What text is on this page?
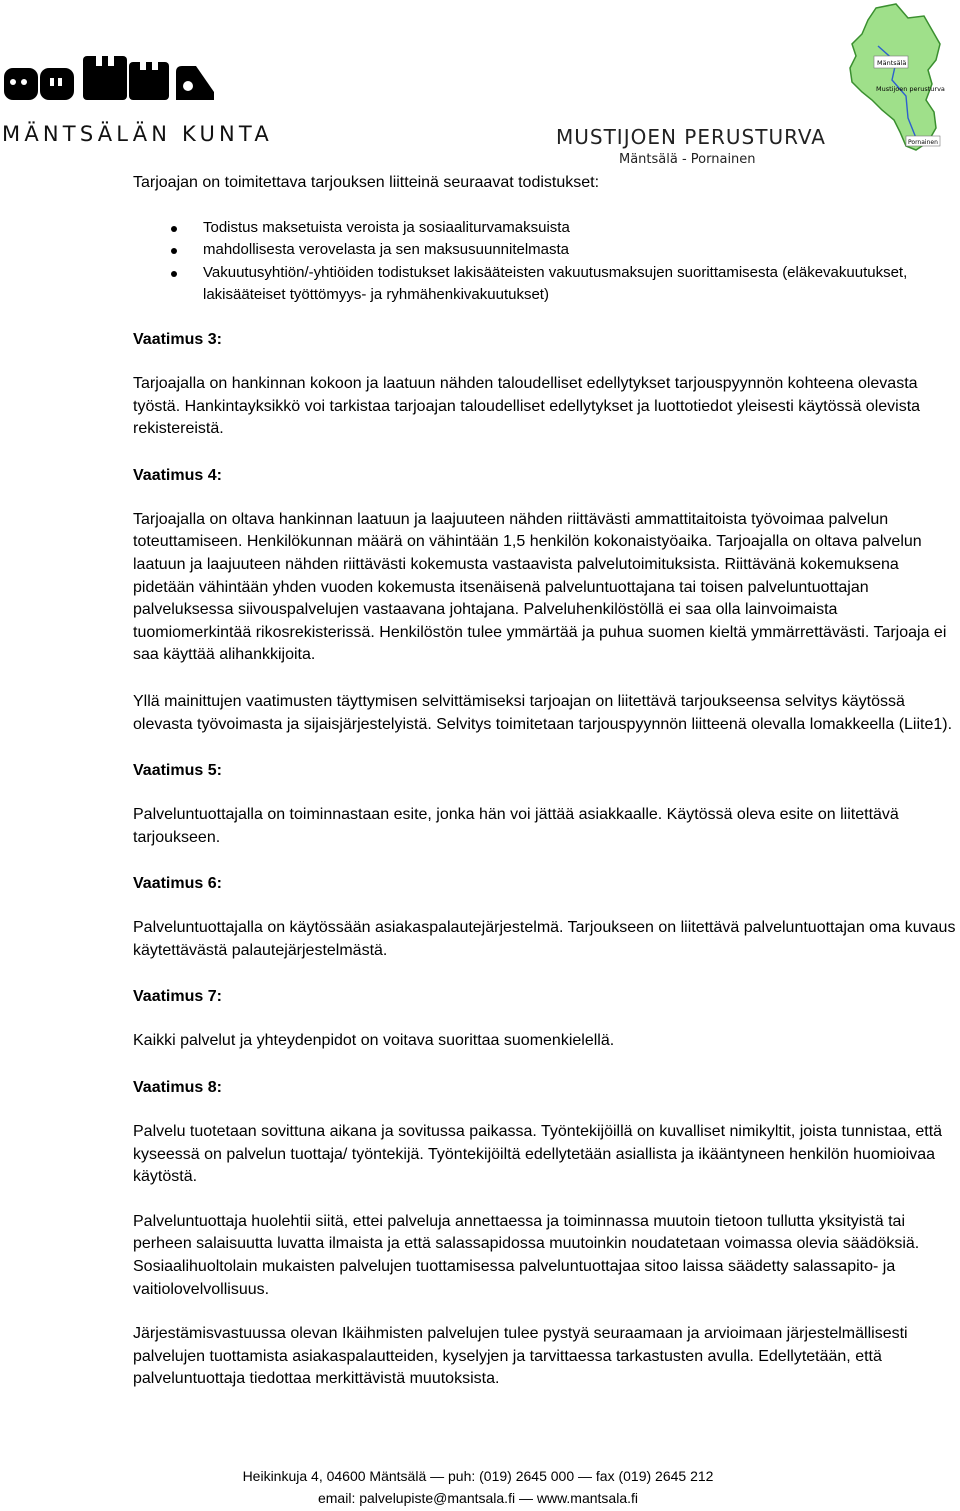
MÄNTSÄLÄN KUNTA	MUSTIJOEN PERUSTURVA
Mäntsälä - Pornainen
Mäntsälä
Mustijoen perusturva
Pornainen

Tarjoajan on toimitettava tarjouksen liitteinä seuraavat todistukset:

Todistus maksetuista veroista ja sosiaaliturvamaksuista
mahdollisesta verovelasta ja sen maksusuunnitelmasta
Vakuutusyhtiön/-yhtiöiden todistukset lakisääteisten vakuutusmaksujen suorittamisesta (eläkevakuutukset, lakisääteiset työttömyys- ja ryhmähenkivakuutukset)
Vaatimus 3:

Tarjoajalla on hankinnan kokoon ja laatuun nähden taloudelliset edellytykset tarjouspyynnön kohteena olevasta työstä. Hankintayksikkö voi tarkistaa tarjoajan taloudelliset edellytykset ja luottotiedot yleisesti käytössä olevista rekistereistä.

Vaatimus 4:

Tarjoajalla on oltava hankinnan laatuun ja laajuuteen nähden riittävästi ammattitaitoista työvoimaa palvelun toteuttamiseen. Henkilökunnan määrä on vähintään 1,5 henkilön kokonaistyöaika. Tarjoajalla on oltava palvelun laatuun ja laajuuteen nähden riittävästi kokemusta vastaavista palvelutoimituksista. Riittävänä kokemuksena pidetään vähintään yhden vuoden kokemusta itsenäisenä palveluntuottajana tai toisen palveluntuottajan palveluksessa siivouspalvelujen vastaavana johtajana. Palveluhenkilöstöllä ei saa olla lainvoimaista tuomiomerkintää rikosrekisterissä. Henkilöstön tulee ymmärtää ja puhua suomen kieltä ymmärrettävästi. Tarjoaja ei saa käyttää alihankkijoita.

Yllä mainittujen vaatimusten täyttymisen selvittämiseksi tarjoajan on liitettävä tarjoukseensa selvitys käytössä olevasta työvoimasta ja sijaisjärjestelyistä. Selvitys toimitetaan tarjouspyynnön liitteenä olevalla lomakkeella (Liite1).

Vaatimus 5:

Palveluntuottajalla on toiminnastaan esite, jonka hän voi jättää asiakkaalle. Käytössä oleva esite on liitettävä tarjoukseen.

Vaatimus 6:

Palveluntuottajalla on käytössään asiakaspalautejärjestelmä. Tarjoukseen on liitettävä palveluntuottajan oma kuvaus käytettävästä palautejärjestelmästä.

Vaatimus 7:

Kaikki palvelut ja yhteydenpidot on voitava suorittaa suomenkielellä.

Vaatimus 8:

Palvelu tuotetaan sovittuna aikana ja sovitussa paikassa. Työntekijöillä on kuvalliset nimikyltit, joista tunnistaa, että kyseessä on palvelun tuottaja/ työntekijä. Työntekijöiltä edellytetään asiallista ja ikääntyneen henkilön huomioivaa käytöstä.

Palveluntuottaja huolehtii siitä, ettei palveluja annettaessa ja toiminnassa muutoin tietoon tullutta yksityistä tai perheen salaisuutta luvatta ilmaista ja että salassapidossa muutoinkin noudatetaan voimassa olevia säädöksiä. Sosiaalihuoltolain mukaisten palvelujen tuottamisessa palveluntuottajaa sitoo laissa säädetty salassapito- ja vaitiolovelvollisuus.

Järjestämisvastuussa olevan Ikäihmisten palvelujen tulee pystyä seuraamaan ja arvioimaan järjestelmällisesti palvelujen tuottamista asiakaspalautteiden, kyselyjen ja tarvittaessa tarkastusten avulla. Edellytetään, että palveluntuottaja tiedottaa merkittävistä muutoksista.

Heikinkuja 4, 04600 Mäntsälä — puh: (019) 2645 000 — fax (019) 2645 212
email: palvelupiste@mantsala.fi — www.mantsala.fi
